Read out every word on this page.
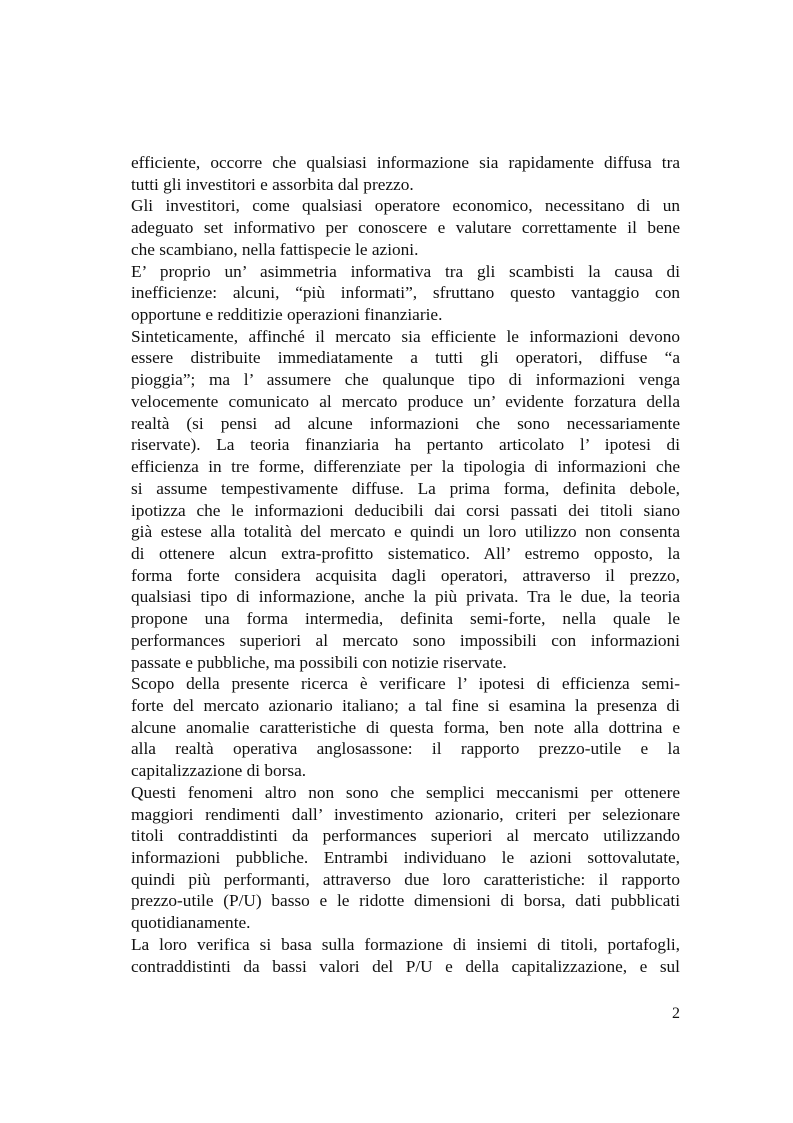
efficiente, occorre che qualsiasi informazione sia rapidamente diffusa tra
tutti gli investitori e assorbita dal prezzo.
Gli investitori, come qualsiasi operatore economico, necessitano di un
adeguato set informativo per conoscere e valutare correttamente il bene
che scambiano, nella fattispecie le azioni.
E’ proprio un’ asimmetria informativa tra gli scambisti la causa di
inefficienze: alcuni, “più informati”, sfruttano questo vantaggio con
opportune e redditizie operazioni finanziarie.
Sinteticamente, affinché il mercato sia efficiente le informazioni devono
essere distribuite immediatamente a tutti gli operatori, diffuse “a
pioggia”; ma l’ assumere che qualunque tipo di informazioni venga
velocemente comunicato al mercato produce un’ evidente forzatura della
realtà (si pensi ad alcune informazioni che sono necessariamente
riservate). La teoria finanziaria ha pertanto articolato l’ ipotesi di
efficienza in tre forme, differenziate per la tipologia di informazioni che
si assume tempestivamente diffuse. La prima forma, definita debole,
ipotizza che le informazioni deducibili dai corsi passati dei titoli siano
già estese alla totalità del mercato e quindi un loro utilizzo non consenta
di ottenere alcun extra-profitto sistematico. All’ estremo opposto, la
forma forte considera acquisita dagli operatori, attraverso il prezzo,
qualsiasi tipo di informazione, anche la più privata. Tra le due, la teoria
propone una forma intermedia, definita semi-forte, nella quale le
performances superiori al mercato sono impossibili con informazioni
passate e pubbliche, ma possibili con notizie riservate.
Scopo della presente ricerca è verificare l’ ipotesi di efficienza semi-
forte del mercato azionario italiano; a tal fine si esamina la presenza di
alcune anomalie caratteristiche di questa forma, ben note alla dottrina e
alla realtà operativa anglosassone: il rapporto prezzo-utile e la
capitalizzazione di borsa.
Questi fenomeni altro non sono che semplici meccanismi per ottenere
maggiori rendimenti dall’ investimento azionario, criteri per selezionare
titoli contraddistinti da performances superiori al mercato utilizzando
informazioni pubbliche. Entrambi individuano le azioni sottovalutate,
quindi più performanti, attraverso due loro caratteristiche: il rapporto
prezzo-utile (P/U) basso e le ridotte dimensioni di borsa, dati pubblicati
quotidianamente.
La loro verifica si basa sulla formazione di insiemi di titoli, portafogli,
contraddistinti da bassi valori del P/U e della capitalizzazione, e sul
2
